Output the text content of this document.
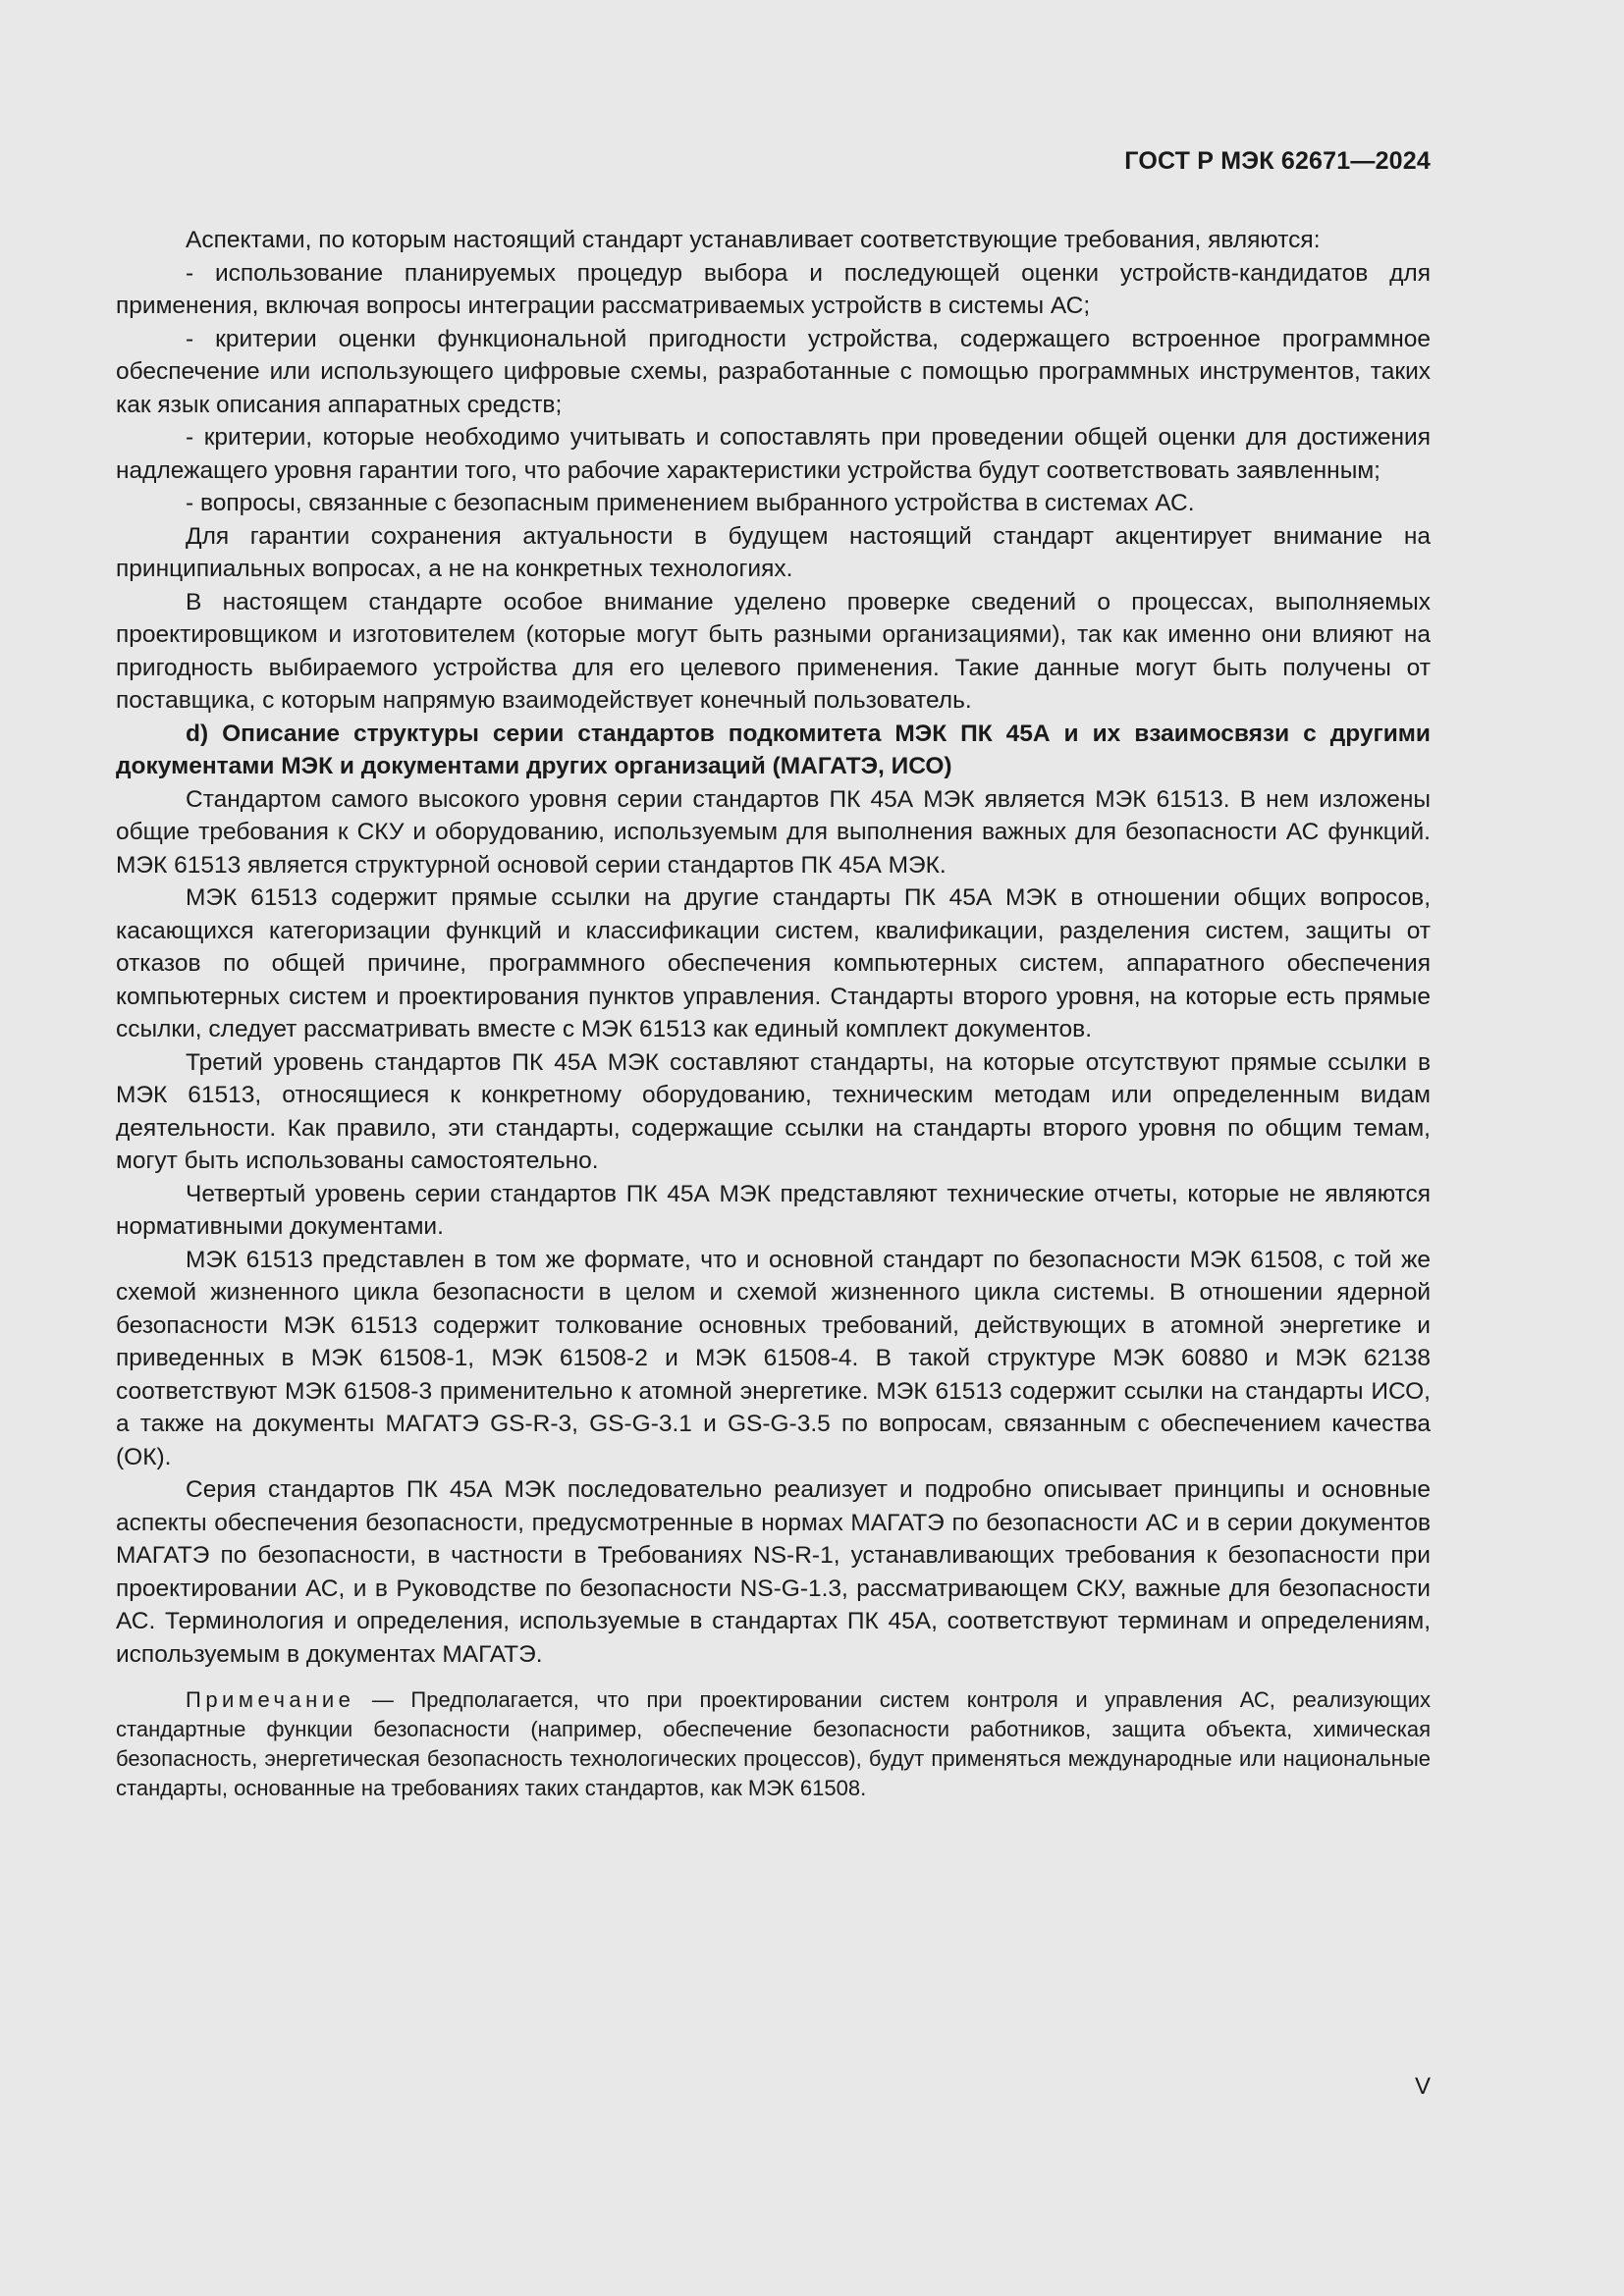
ГОСТ Р МЭК 62671—2024

Аспектами, по которым настоящий стандарт устанавливает соответствующие требования, являются:

- использование планируемых процедур выбора и последующей оценки устройств-кандидатов для применения, включая вопросы интеграции рассматриваемых устройств в системы АС;

- критерии оценки функциональной пригодности устройства, содержащего встроенное программное обеспечение или использующего цифровые схемы, разработанные с помощью программных инструментов, таких как язык описания аппаратных средств;

- критерии, которые необходимо учитывать и сопоставлять при проведении общей оценки для достижения надлежащего уровня гарантии того, что рабочие характеристики устройства будут соответствовать заявленным;

- вопросы, связанные с безопасным применением выбранного устройства в системах АС.

Для гарантии сохранения актуальности в будущем настоящий стандарт акцентирует внимание на принципиальных вопросах, а не на конкретных технологиях.

В настоящем стандарте особое внимание уделено проверке сведений о процессах, выполняемых проектировщиком и изготовителем (которые могут быть разными организациями), так как именно они влияют на пригодность выбираемого устройства для его целевого применения. Такие данные могут быть получены от поставщика, с которым напрямую взаимодействует конечный пользователь.

d) Описание структуры серии стандартов подкомитета МЭК ПК 45А и их взаимосвязи с другими документами МЭК и документами других организаций (МАГАТЭ, ИСО)

Стандартом самого высокого уровня серии стандартов ПК 45А МЭК является МЭК 61513. В нем изложены общие требования к СКУ и оборудованию, используемым для выполнения важных для безопасности АС функций. МЭК 61513 является структурной основой серии стандартов ПК 45А МЭК.

МЭК 61513 содержит прямые ссылки на другие стандарты ПК 45А МЭК в отношении общих вопросов, касающихся категоризации функций и классификации систем, квалификации, разделения систем, защиты от отказов по общей причине, программного обеспечения компьютерных систем, аппаратного обеспечения компьютерных систем и проектирования пунктов управления. Стандарты второго уровня, на которые есть прямые ссылки, следует рассматривать вместе с МЭК 61513 как единый комплект документов.

Третий уровень стандартов ПК 45А МЭК составляют стандарты, на которые отсутствуют прямые ссылки в МЭК 61513, относящиеся к конкретному оборудованию, техническим методам или определенным видам деятельности. Как правило, эти стандарты, содержащие ссылки на стандарты второго уровня по общим темам, могут быть использованы самостоятельно.

Четвертый уровень серии стандартов ПК 45А МЭК представляют технические отчеты, которые не являются нормативными документами.

МЭК 61513 представлен в том же формате, что и основной стандарт по безопасности МЭК 61508, с той же схемой жизненного цикла безопасности в целом и схемой жизненного цикла системы. В отношении ядерной безопасности МЭК 61513 содержит толкование основных требований, действующих в атомной энергетике и приведенных в МЭК 61508-1, МЭК 61508-2 и МЭК 61508-4. В такой структуре МЭК 60880 и МЭК 62138 соответствуют МЭК 61508-3 применительно к атомной энергетике. МЭК 61513 содержит ссылки на стандарты ИСО, а также на документы МАГАТЭ GS-R-3, GS-G-3.1 и GS-G-3.5 по вопросам, связанным с обеспечением качества (ОК).

Серия стандартов ПК 45А МЭК последовательно реализует и подробно описывает принципы и основные аспекты обеспечения безопасности, предусмотренные в нормах МАГАТЭ по безопасности АС и в серии документов МАГАТЭ по безопасности, в частности в Требованиях NS-R-1, устанавливающих требования к безопасности при проектировании АС, и в Руководстве по безопасности NS-G-1.3, рассматривающем СКУ, важные для безопасности АС. Терминология и определения, используемые в стандартах ПК 45А, соответствуют терминам и определениям, используемым в документах МАГАТЭ.

Примечание — Предполагается, что при проектировании систем контроля и управления АС, реализующих стандартные функции безопасности (например, обеспечение безопасности работников, защита объекта, химическая безопасность, энергетическая безопасность технологических процессов), будут применяться международные или национальные стандарты, основанные на требованиях таких стандартов, как МЭК 61508.

V
